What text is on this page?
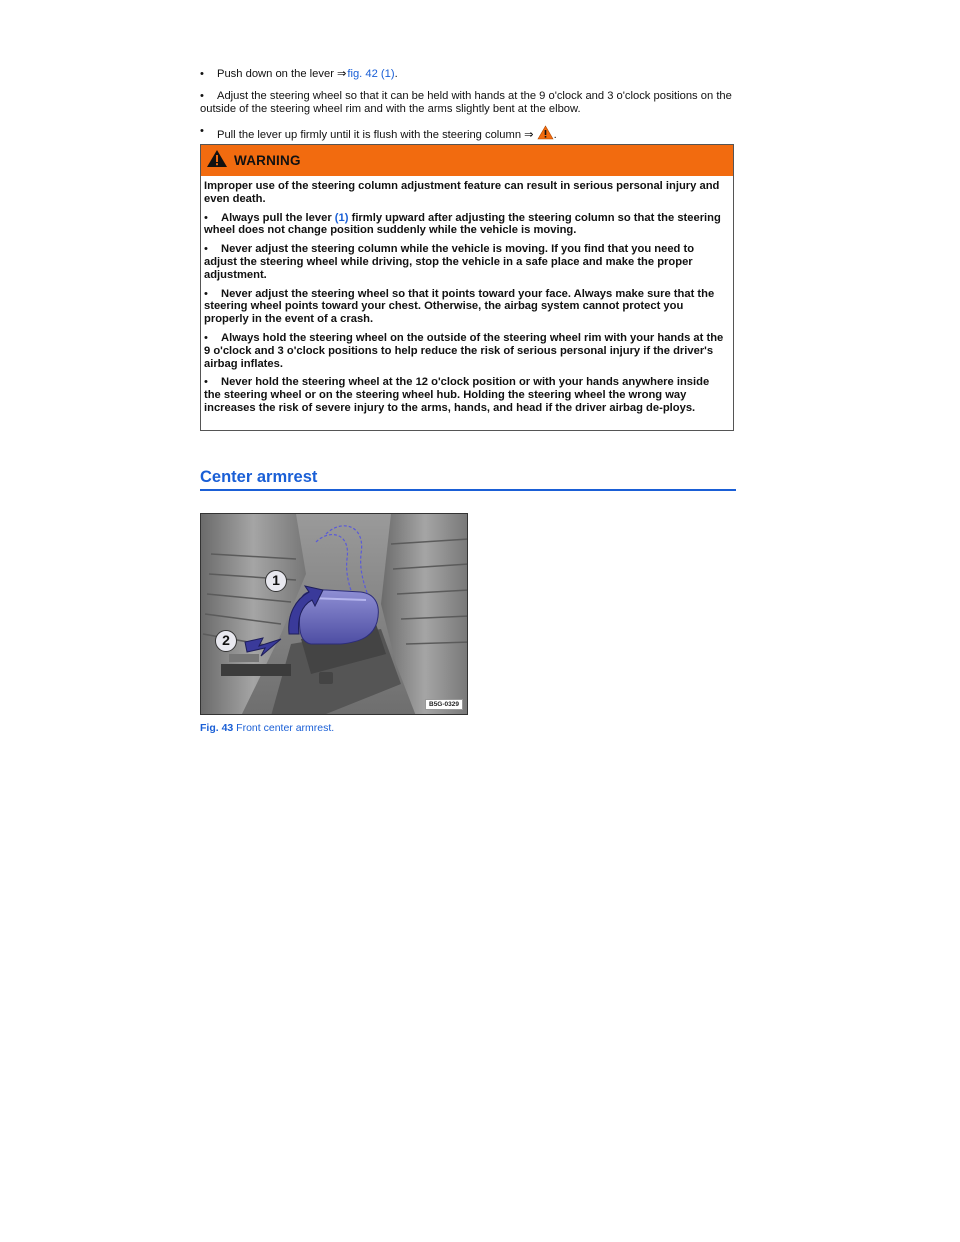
• Push down on the lever ⇒ fig. 42 (1).
• Adjust the steering wheel so that it can be held with hands at the 9 o'clock and 3 o'clock positions on the outside of the steering wheel rim and with the arms slightly bent at the elbow.
• Pull the lever up firmly until it is flush with the steering column ⇒ .
WARNING

Improper use of the steering column adjustment feature can result in serious personal injury and even death.

• Always pull the lever (1) firmly upward after adjusting the steering column so that the steering wheel does not change position suddenly while the vehicle is moving.

• Never adjust the steering column while the vehicle is moving. If you find that you need to adjust the steering wheel while driving, stop the vehicle in a safe place and make the proper adjustment.

• Never adjust the steering wheel so that it points toward your face. Always make sure that the steering wheel points toward your chest. Otherwise, the airbag system cannot protect you properly in the event of a crash.

• Always hold the steering wheel on the outside of the steering wheel rim with your hands at the 9 o'clock and 3 o'clock positions to help reduce the risk of serious personal injury if the driver's airbag inflates.

• Never hold the steering wheel at the 12 o'clock position or with your hands anywhere inside the steering wheel or on the steering wheel hub. Holding the steering wheel the wrong way increases the risk of severe injury to the arms, hands, and head if the driver airbag de-ploys.

Center armrest
1
2
B5G-0329
Fig. 43 Front center armrest.
